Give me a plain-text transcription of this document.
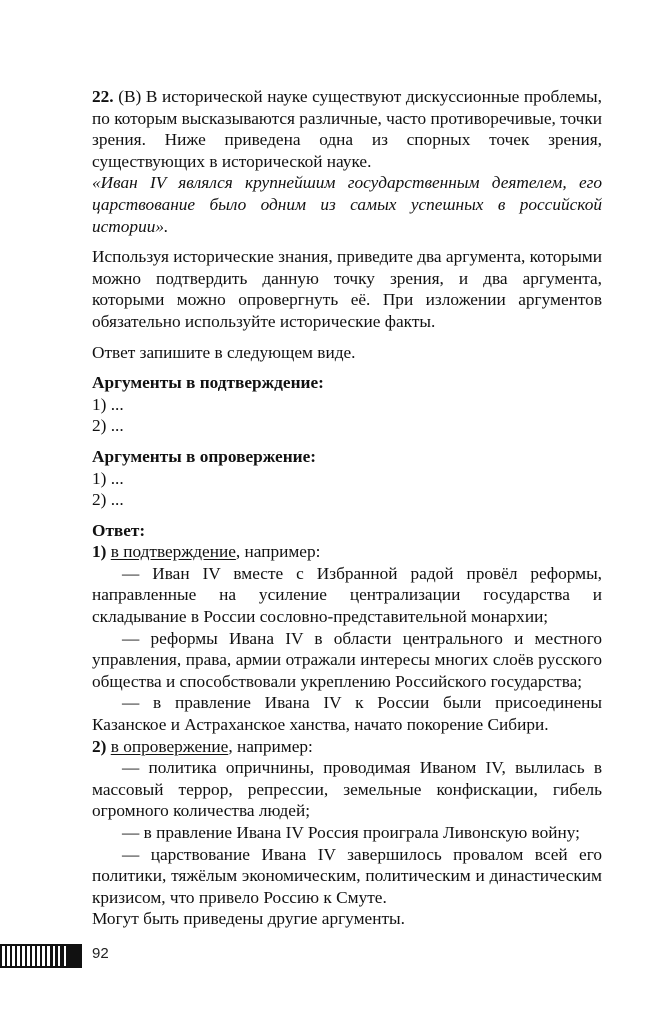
22. (В) В исторической науке существуют дискуссионные проблемы, по которым высказываются различные, часто противоречивые, точки зрения. Ниже приведена одна из спорных точек зрения, существующих в исторической науке.

«Иван IV являлся крупнейшим государственным деятелем, его царствование было одним из самых успешных в российской истории».

Используя исторические знания, приведите два аргумента, которыми можно подтвердить данную точку зрения, и два аргумента, которыми можно опровергнуть её. При изложении аргументов обязательно используйте исторические факты.

Ответ запишите в следующем виде.

Аргументы в подтверждение:

1) ...

2) ...

Аргументы в опровержение:

1) ...

2) ...

Ответ:

1) в подтверждение, например:

— Иван IV вместе с Избранной радой провёл реформы, направленные на усиление централизации государства и складывание в России сословно-представительной монархии;

— реформы Ивана IV в области центрального и местного управления, права, армии отражали интересы многих слоёв русского общества и способствовали укреплению Российского государства;

— в правление Ивана IV к России были присоединены Казанское и Астраханское ханства, начато покорение Сибири.

2) в опровержение, например:

— политика опричнины, проводимая Иваном IV, вылилась в массовый террор, репрессии, земельные конфискации, гибель огромного количества людей;

— в правление Ивана IV Россия проиграла Ливонскую войну;

— царствование Ивана IV завершилось провалом всей его политики, тяжёлым экономическим, политическим и династическим кризисом, что привело Россию к Смуте.

Могут быть приведены другие аргументы.

92
